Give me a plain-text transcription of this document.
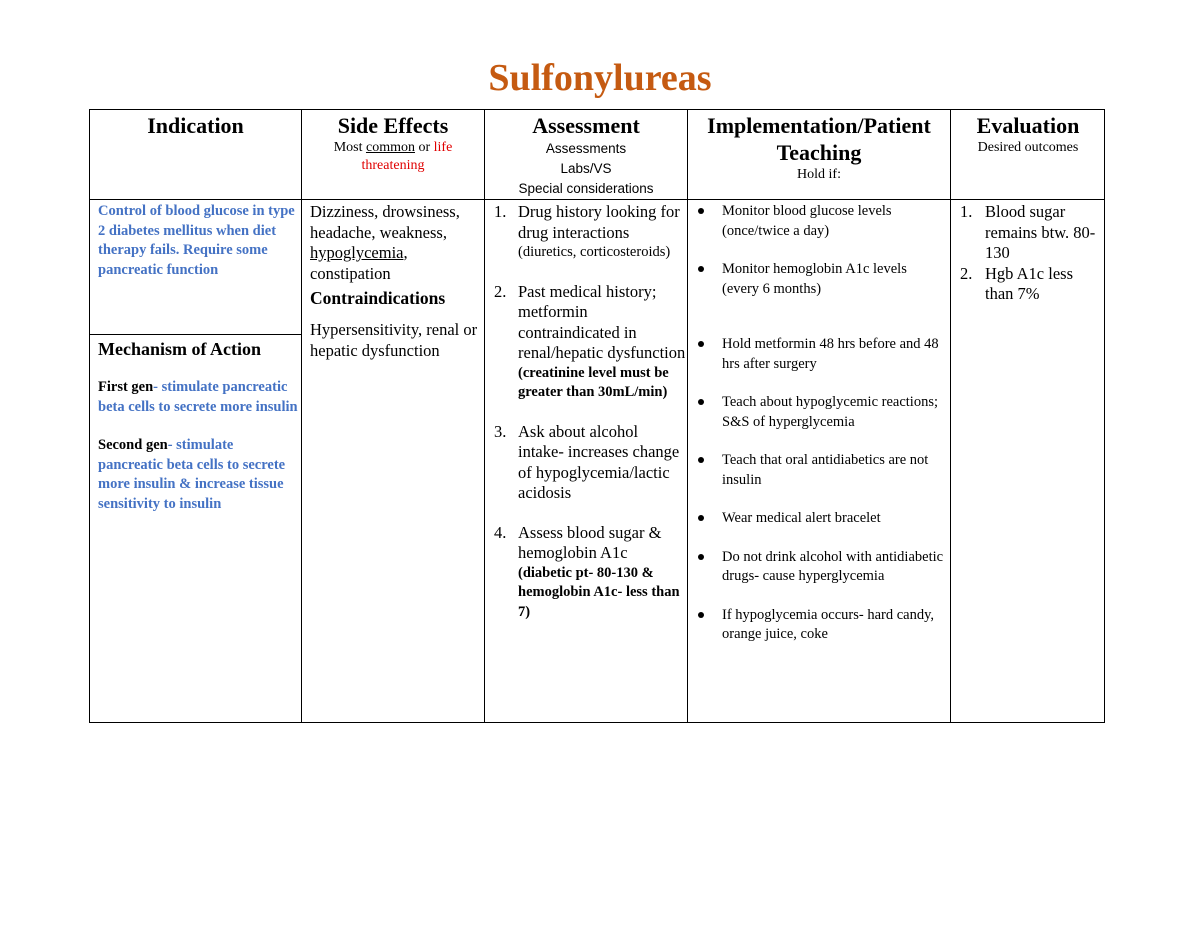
Sulfonylureas
Indication	Side Effects
Most common or life threatening
Assessment
Assessments
Labs/VS
Special considerations
Implementation/Patient Teaching
Hold if:
Evaluation
Desired outcomes
Control of blood glucose in type 2 diabetes mellitus when diet therapy fails. Require some pancreatic function
Mechanism of Action
First gen- stimulate pancreatic beta cells to secrete more insulin
Second gen- stimulate pancreatic beta cells to secrete more insulin & increase tissue sensitivity to insulin
Dizziness, drowsiness, headache, weakness, hypoglycemia, constipation
Contraindications
Hypersensitivity, renal or hepatic dysfunction
1. Drug history looking for drug interactions
(diuretics, corticosteroids)
2. Past medical history; metformin contraindicated in renal/hepatic dysfunction
(creatinine level must be greater than 30mL/min)
3. Ask about alcohol intake- increases change of hypoglycemia/lactic acidosis
4. Assess blood sugar & hemoglobin A1c
(diabetic pt- 80-130 & hemoglobin A1c- less than 7)
Monitor blood glucose levels (once/twice a day)
Monitor hemoglobin A1c levels (every 6 months)
Hold metformin 48 hrs before and 48 hrs after surgery
Teach about hypoglycemic reactions; S&S of hyperglycemia
Teach that oral antidiabetics are not insulin
Wear medical alert bracelet
Do not drink alcohol with antidiabetic drugs- cause hyperglycemia
If hypoglycemia occurs- hard candy, orange juice, coke
1. Blood sugar remains btw. 80-130
2. Hgb A1c less than 7%
